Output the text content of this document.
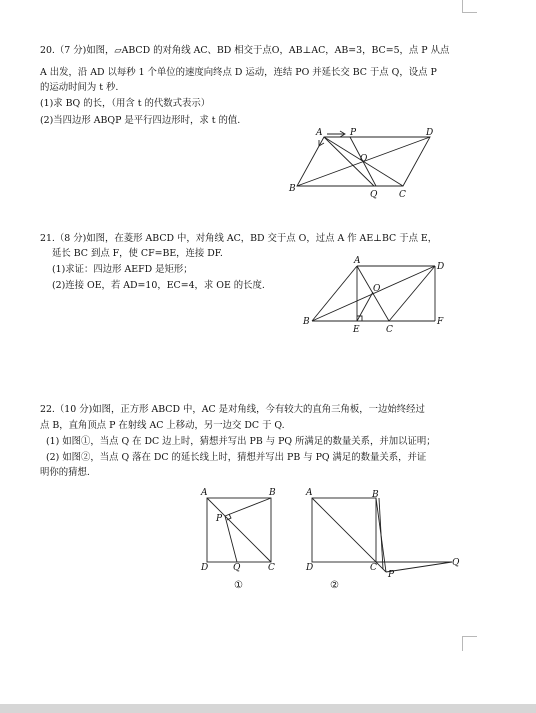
20.（7 分)如图，▱ABCD 的对角线 AC、BD 相交于点O，AB⊥AC，AB=3，BC=5，点 P 从点
A 出发，沿 AD 以每秒 1 个单位的速度向终点 D 运动，连结 PO 并延长交 BC 于点 Q，设点 P
的运动时间为 t 秒.
(1)求 BQ 的长，（用含 t 的代数式表示）
(2)当四边形 ABQP 是平行四边形时，求 t 的值.
A	P	D
O
B
Q C
21.（8 分)如图，在菱形 ABCD 中，对角线 AC，BD 交于点 O，过点 A 作 AE⊥BC 于点 E，
延长 BC 到点 F，使 CF=BE，连接 DF.
(1)求证：四边形 AEFD 是矩形；
(2)连接 OE，若 AD=10，EC=4，求 OE 的长度.
A
D
O
B
E	C
F
22.（10 分)如图，正方形 ABCD 中，AC 是对角线，今有较大的直角三角板，一边始终经过
点 B，直角顶点 P 在射线 AC 上移动，另一边交 DC 于 Q.
(1) 如图①，当点 Q 在 DC 边上时，猜想并写出 PB 与 PQ 所满足的数量关系，并加以证明；
(2) 如图②，当点 Q 落在 DC 的延长线上时，猜想并写出 PB 与 PQ 满足的数量关系，并证
明你的猜想.
A	B
P
D	Q	C
①
A	B
D	C
P
Q
②
